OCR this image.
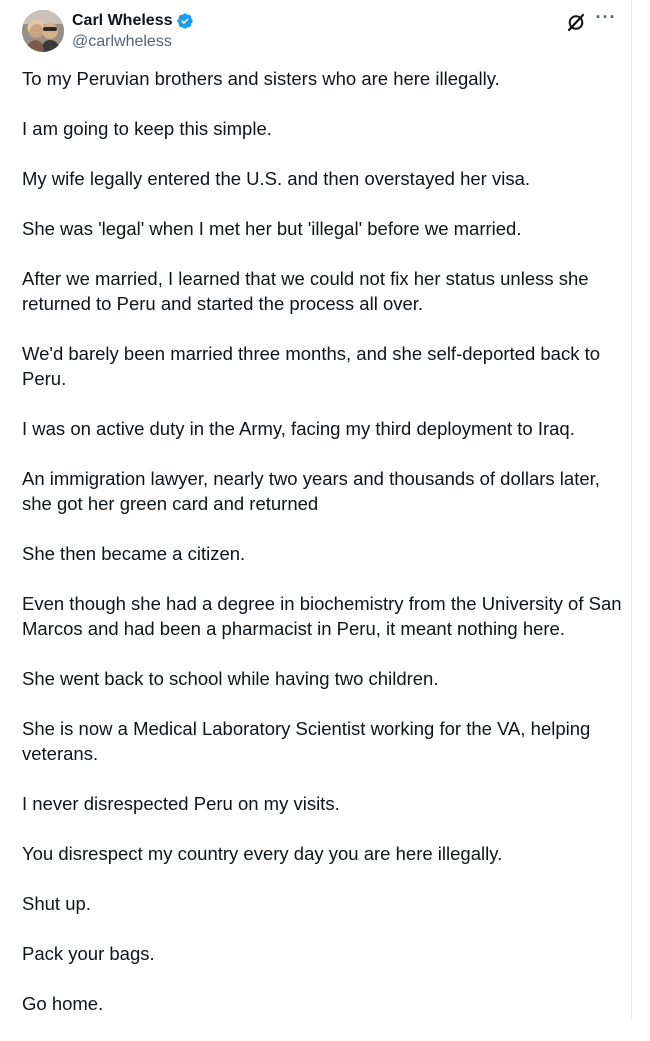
Carl Wheless
@carlwheless
···

To my Peruvian brothers and sisters who are here illegally.

I am going to keep this simple.

My wife legally entered the U.S. and then overstayed her visa.

She was 'legal' when I met her but 'illegal' before we married.

After we married, I learned that we could not fix her status unless she returned to Peru and started the process all over.

We'd barely been married three months, and she self-deported back to Peru.

I was on active duty in the Army, facing my third deployment to Iraq.

An immigration lawyer, nearly two years and thousands of dollars later, she got her green card and returned

She then became a citizen.

Even though she had a degree in biochemistry from the University of San Marcos and had been a pharmacist in Peru, it meant nothing here.

She went back to school while having two children.

She is now a Medical Laboratory Scientist working for the VA, helping veterans.

I never disrespected Peru on my visits.

You disrespect my country every day you are here illegally.

Shut up.

Pack your bags.

Go home.
